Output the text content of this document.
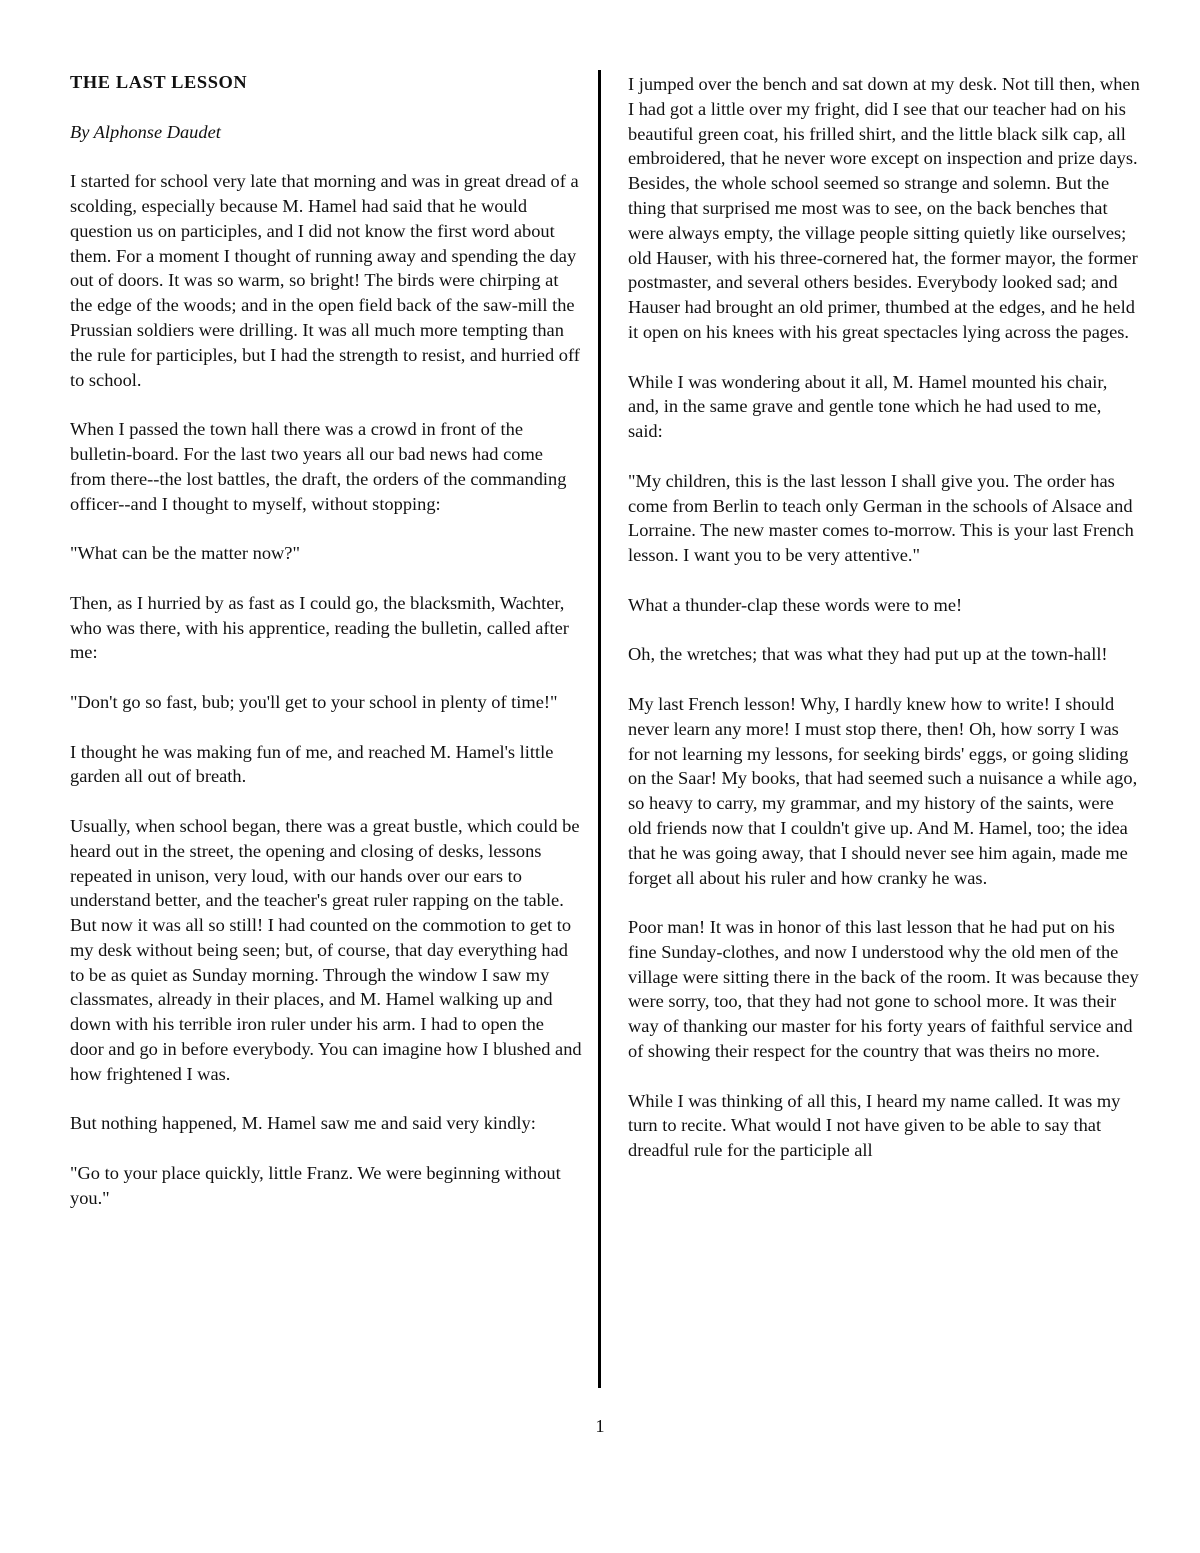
THE LAST LESSON
By Alphonse Daudet

I started for school very late that morning and was in great dread of a scolding, especially because M. Hamel had said that he would question us on participles, and I did not know the first word about them. For a moment I thought of running away and spending the day out of doors. It was so warm, so bright! The birds were chirping at the edge of the woods; and in the open field back of the saw-mill the Prussian soldiers were drilling. It was all much more tempting than the rule for participles, but I had the strength to resist, and hurried off to school.

When I passed the town hall there was a crowd in front of the bulletin-board. For the last two years all our bad news had come from there--the lost battles, the draft, the orders of the commanding officer--and I thought to myself, without stopping:

"What can be the matter now?"

Then, as I hurried by as fast as I could go, the blacksmith, Wachter, who was there, with his apprentice, reading the bulletin, called after me:

"Don't go so fast, bub; you'll get to your school in plenty of time!"

I thought he was making fun of me, and reached M. Hamel's little garden all out of breath.

Usually, when school began, there was a great bustle, which could be heard out in the street, the opening and closing of desks, lessons repeated in unison, very loud, with our hands over our ears to understand better, and the teacher's great ruler rapping on the table. But now it was all so still! I had counted on the commotion to get to my desk without being seen; but, of course, that day everything had to be as quiet as Sunday morning. Through the window I saw my classmates, already in their places, and M. Hamel walking up and down with his terrible iron ruler under his arm. I had to open the door and go in before everybody. You can imagine how I blushed and how frightened I was.

But nothing happened, M. Hamel saw me and said very kindly:

"Go to your place quickly, little Franz. We were beginning without you."

I jumped over the bench and sat down at my desk. Not till then, when I had got a little over my fright, did I see that our teacher had on his beautiful green coat, his frilled shirt, and the little black silk cap, all embroidered, that he never wore except on inspection and prize days. Besides, the whole school seemed so strange and solemn. But the thing that surprised me most was to see, on the back benches that were always empty, the village people sitting quietly like ourselves; old Hauser, with his three-cornered hat, the former mayor, the former postmaster, and several others besides. Everybody looked sad; and Hauser had brought an old primer, thumbed at the edges, and he held it open on his knees with his great spectacles lying across the pages.

While I was wondering about it all, M. Hamel mounted his chair, and, in the same grave and gentle tone which he had used to me, said:

"My children, this is the last lesson I shall give you. The order has come from Berlin to teach only German in the schools of Alsace and Lorraine. The new master comes to-morrow. This is your last French lesson. I want you to be very attentive."

What a thunder-clap these words were to me!

Oh, the wretches; that was what they had put up at the town-hall!

My last French lesson! Why, I hardly knew how to write! I should never learn any more! I must stop there, then! Oh, how sorry I was for not learning my lessons, for seeking birds' eggs, or going sliding on the Saar! My books, that had seemed such a nuisance a while ago, so heavy to carry, my grammar, and my history of the saints, were old friends now that I couldn't give up. And M. Hamel, too; the idea that he was going away, that I should never see him again, made me forget all about his ruler and how cranky he was.

Poor man! It was in honor of this last lesson that he had put on his fine Sunday-clothes, and now I understood why the old men of the village were sitting there in the back of the room. It was because they were sorry, too, that they had not gone to school more. It was their way of thanking our master for his forty years of faithful service and of showing their respect for the country that was theirs no more.

While I was thinking of all this, I heard my name called. It was my turn to recite. What would I not have given to be able to say that dreadful rule for the participle all

1
